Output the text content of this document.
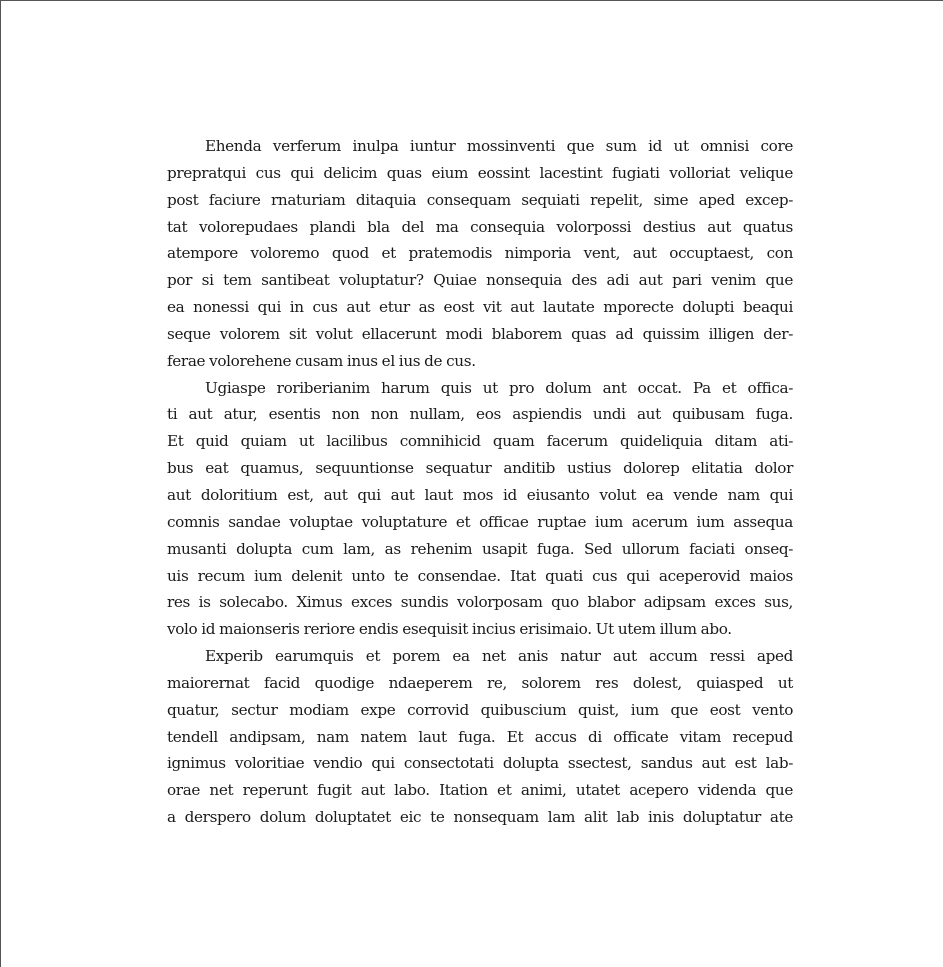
Ehenda verferum inulpa iuntur mossinventi que sum id ut omnisi core
prepratqui cus qui delicim quas eium eossint lacestint fugiati volloriat velique
post faciure rnaturiam ditaquia consequam sequiati repelit, sime aped excep-
tat volorepudaes plandi bla del ma consequia volorpossi destius aut quatus
atempore voloremo quod et pratemodis nimporia vent, aut occuptaest, con
por si tem santibeat voluptatur? Quiae nonsequia des adi aut pari venim que
ea nonessi qui in cus aut etur as eost vit aut lautate mporecte dolupti beaqui
seque volorem sit volut ellacerunt modi blaborem quas ad quissim illigen der-
ferae volorehene cusam inus el ius de cus.
Ugiaspe roriberianim harum quis ut pro dolum ant occat. Pa et offica-
ti aut atur, esentis non non nullam, eos aspiendis undi aut quibusam fuga.
Et quid quiam ut lacilibus comnihicid quam facerum quideliquia ditam ati-
bus eat quamus, sequuntionse sequatur anditib ustius dolorep elitatia dolor
aut doloritium est, aut qui aut laut mos id eiusanto volut ea vende nam qui
comnis sandae voluptae voluptature et officae ruptae ium acerum ium assequa
musanti dolupta cum lam, as rehenim usapit fuga. Sed ullorum faciati onseq-
uis recum ium delenit unto te consendae. Itat quati cus qui aceperovid maios
res is solecabo. Ximus exces sundis volorposam quo blabor adipsam exces sus,
volo id maionseris reriore endis esequisit incius erisimaio. Ut utem illum abo.
Experib earumquis et porem ea net anis natur aut accum ressi aped
maiorernat facid quodige ndaeperem re, solorem res dolest, quiasped ut
quatur, sectur modiam expe corrovid quibuscium quist, ium que eost vento
tendell andipsam, nam natem laut fuga. Et accus di officate vitam recepud
ignimus voloritiae vendio qui consectotati dolupta ssectest, sandus aut est lab-
orae net reperunt fugit aut labo. Itation et animi, utatet acepero videnda que
a derspero dolum doluptatet eic te nonsequam lam alit lab inis doluptatur ate
